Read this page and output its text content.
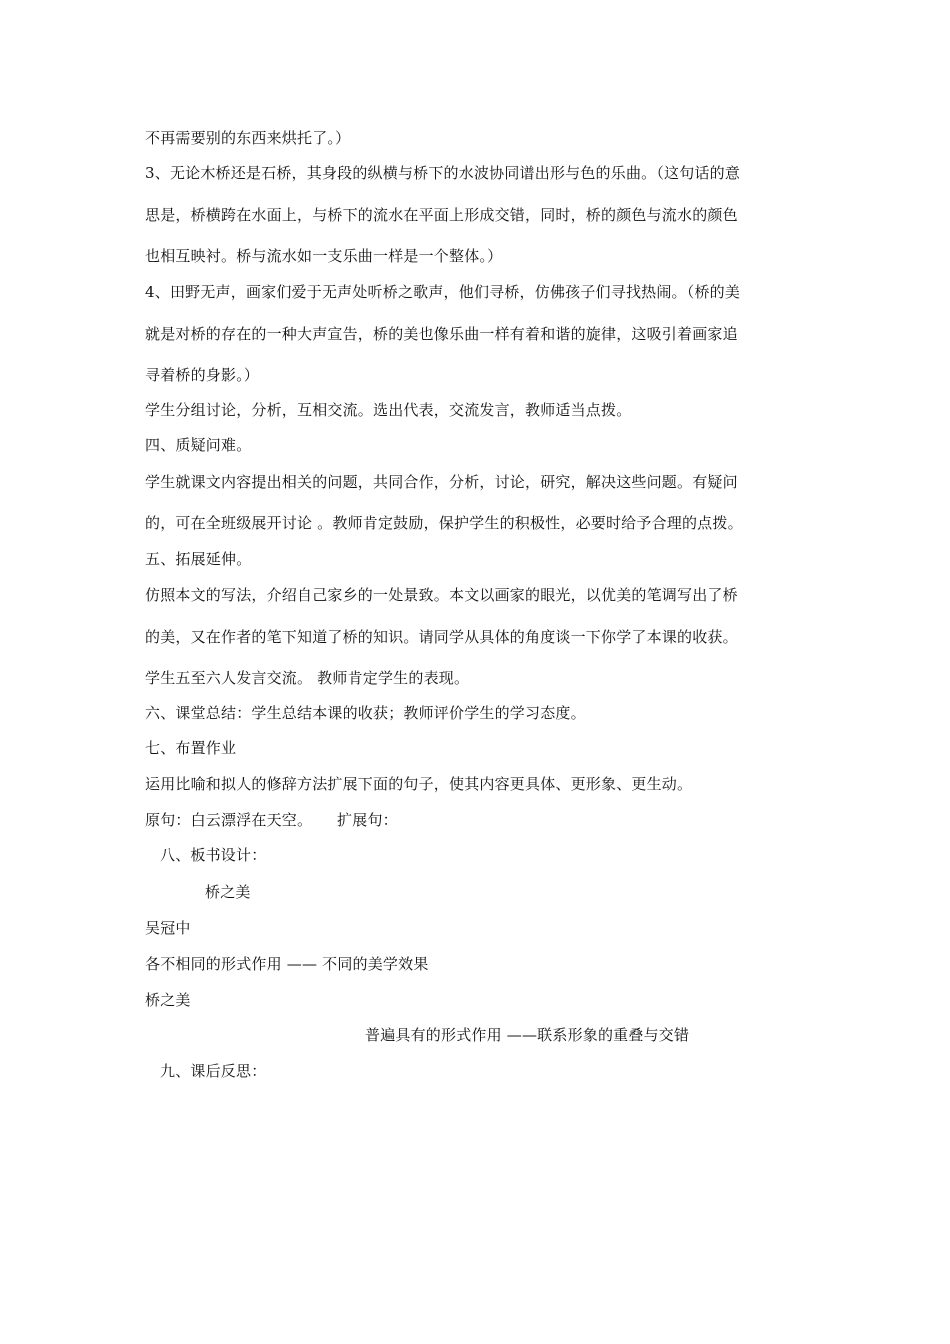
不再需要别的东西来烘托了。）
3、无论木桥还是石桥，其身段的纵横与桥下的水波协同谱出形与色的乐曲。（这句话的意
思是，桥横跨在水面上，与桥下的流水在平面上形成交错，同时，桥的颜色与流水的颜色
也相互映衬。桥与流水如一支乐曲一样是一个整体。）
4、田野无声，画家们爱于无声处听桥之歌声，他们寻桥，仿佛孩子们寻找热闹。（桥的美
就是对桥的存在的一种大声宣告，桥的美也像乐曲一样有着和谐的旋律，这吸引着画家追
寻着桥的身影。）
学生分组讨论，分析，互相交流。选出代表，交流发言，教师适当点拨。
四、质疑问难。
学生就课文内容提出相关的问题，共同合作，分析，讨论，研究，解决这些问题。有疑问
的，可在全班级展开讨论 。教师肯定鼓励，保护学生的积极性，必要时给予合理的点拨。
五、拓展延伸。
仿照本文的写法，介绍自己家乡的一处景致。本文以画家的眼光，以优美的笔调写出了桥
的美，又在作者的笔下知道了桥的知识。请同学从具体的角度谈一下你学了本课的收获。
学生五至六人发言交流。 教师肯定学生的表现。
六、课堂总结：学生总结本课的收获；教师评价学生的学习态度。
七、布置作业
运用比喻和拟人的修辞方法扩展下面的句子，使其内容更具体、更形象、更生动。
原句：白云漂浮在天空。     扩展句：
八、板书设计：
桥之美
吴冠中
各不相同的形式作用 —— 不同的美学效果
桥之美
普遍具有的形式作用 ——联系形象的重叠与交错
九、课后反思：
